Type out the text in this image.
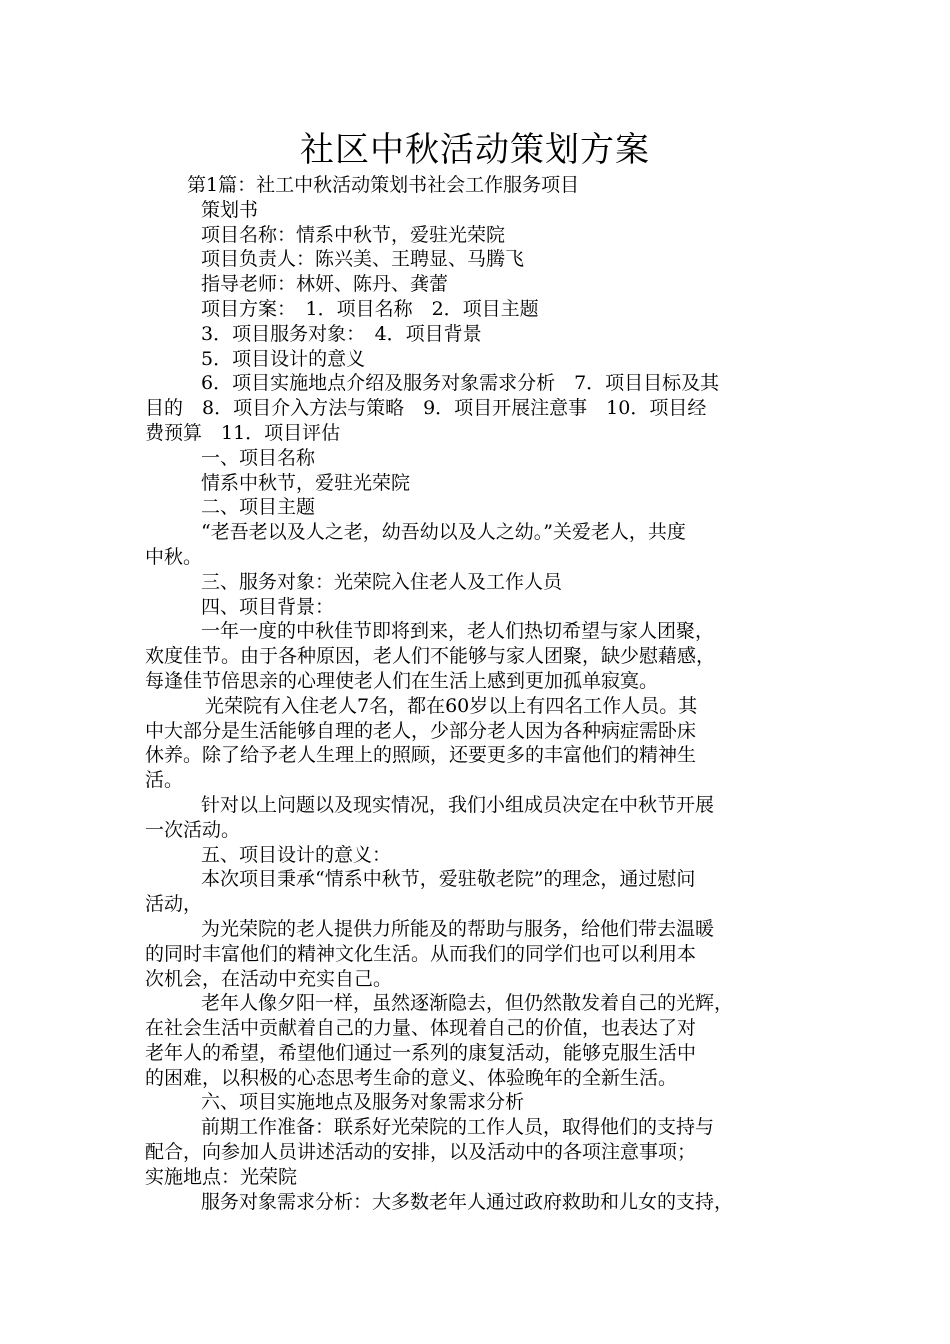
社区中秋活动策划方案

第1篇：社工中秋活动策划书社会工作服务项目

策划书

项目名称：情系中秋节，爱驻光荣院

项目负责人：陈兴美、王聘显、马腾飞

指导老师：林妍、陈丹、龚蕾

项目方案：　1．项目名称　2．项目主题

3．项目服务对象：　4．项目背景

5．项目设计的意义

6．项目实施地点介绍及服务对象需求分析　7．项目目标及其

目的　8．项目介入方法与策略　9．项目开展注意事　10．项目经

费预算　11．项目评估

一、项目名称

情系中秋节，爱驻光荣院

二、项目主题

“老吾老以及人之老，幼吾幼以及人之幼。”关爱老人，共度

中秋。

三、服务对象：光荣院入住老人及工作人员

四、项目背景：

一年一度的中秋佳节即将到来，老人们热切希望与家人团聚，

欢度佳节。由于各种原因，老人们不能够与家人团聚，缺少慰藉感，

每逢佳节倍思亲的心理使老人们在生活上感到更加孤单寂寞。

光荣院有入住老人7名，都在60岁以上有四名工作人员。其

中大部分是生活能够自理的老人，少部分老人因为各种病症需卧床

休养。除了给予老人生理上的照顾，还要更多的丰富他们的精神生

活。

针对以上问题以及现实情况，我们小组成员决定在中秋节开展

一次活动。

五、项目设计的意义：

本次项目秉承“情系中秋节，爱驻敬老院”的理念，通过慰问

活动，

为光荣院的老人提供力所能及的帮助与服务，给他们带去温暖

的同时丰富他们的精神文化生活。从而我们的同学们也可以利用本

次机会，在活动中充实自己。

老年人像夕阳一样，虽然逐渐隐去，但仍然散发着自己的光辉，

在社会生活中贡献着自己的力量、体现着自己的价值，也表达了对

老年人的希望，希望他们通过一系列的康复活动，能够克服生活中

的困难，以积极的心态思考生命的意义、体验晚年的全新生活。

六、项目实施地点及服务对象需求分析

前期工作准备：联系好光荣院的工作人员，取得他们的支持与

配合，向参加人员讲述活动的安排，以及活动中的各项注意事项；

实施地点：光荣院

服务对象需求分析：大多数老年人通过政府救助和儿女的支持，
